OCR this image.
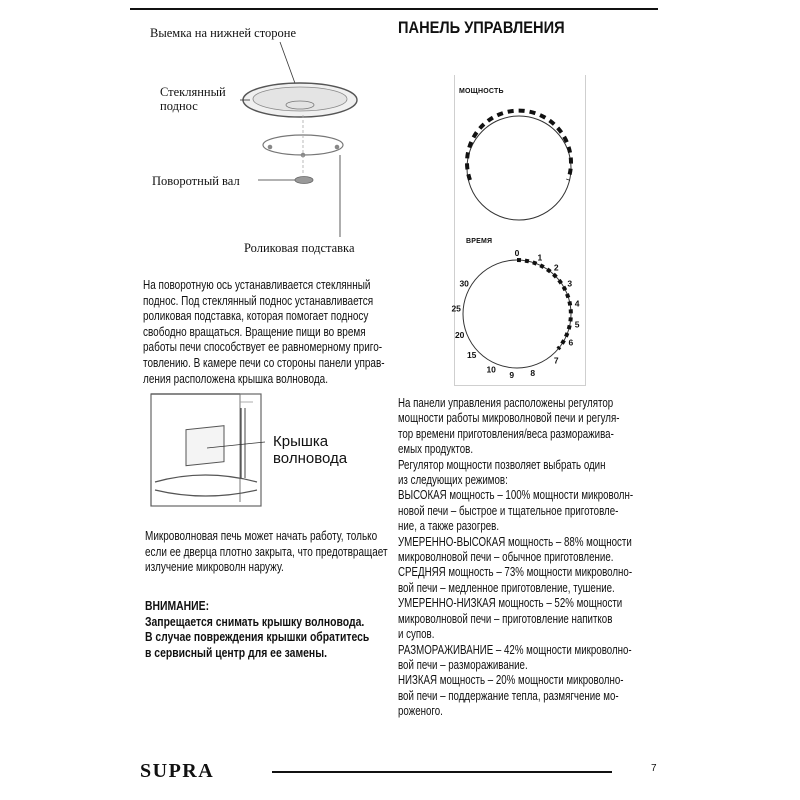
Выемка на нижней стороне
Стеклянный
поднос
Поворотный вал
Роликовая подставка
На поворотную ось устанавливается стеклянный
поднос. Под стеклянный поднос устанавливается
роликовая подставка, которая помогает подносу
свободно вращаться. Вращение пищи во время
работы печи способствует ее равномерному приго-
товлению. В камере печи со стороны панели управ-
ления расположена крышка волновода.
Крышка
волновода
Микроволновая печь может начать работу, только
если ее дверца плотно закрыта, что предотвращает
излучение микроволн наружу.
ВНИМАНИЕ:
Запрещается снимать крышку волновода.
В случае повреждения крышки обратитесь
в сервисный центр для ее замены.
ПАНЕЛЬ УПРАВЛЕНИЯ
МОЩНОСТЬ
ВРЕМЯ
0 1
2
3
4
5
6
7
8
9
10
15
20
25
30
На панели управления расположены регулятор
мощности работы микроволновой печи и регуля-
тор времени приготовления/веса разморажива-
емых продуктов.
Регулятор мощности позволяет выбрать один
из следующих режимов:
ВЫСОКАЯ мощность – 100% мощности микроволн-
новой печи – быстрое и тщательное приготовле-
ние, а также разогрев.
УМЕРЕННО-ВЫСОКАЯ мощность – 88% мощности
микроволновой печи – обычное приготовление.
СРЕДНЯЯ мощность – 73% мощности микроволно-
вой печи – медленное приготовление, тушение.
УМЕРЕННО-НИЗКАЯ мощность – 52% мощности
микроволновой печи – приготовление напитков
и супов.
РАЗМОРАЖИВАНИЕ – 42% мощности микроволно-
вой печи – размораживание.
НИЗКАЯ мощность – 20% мощности микроволно-
вой печи – поддержание тепла, размягчение мо-
роженого.
SUPRA	7
